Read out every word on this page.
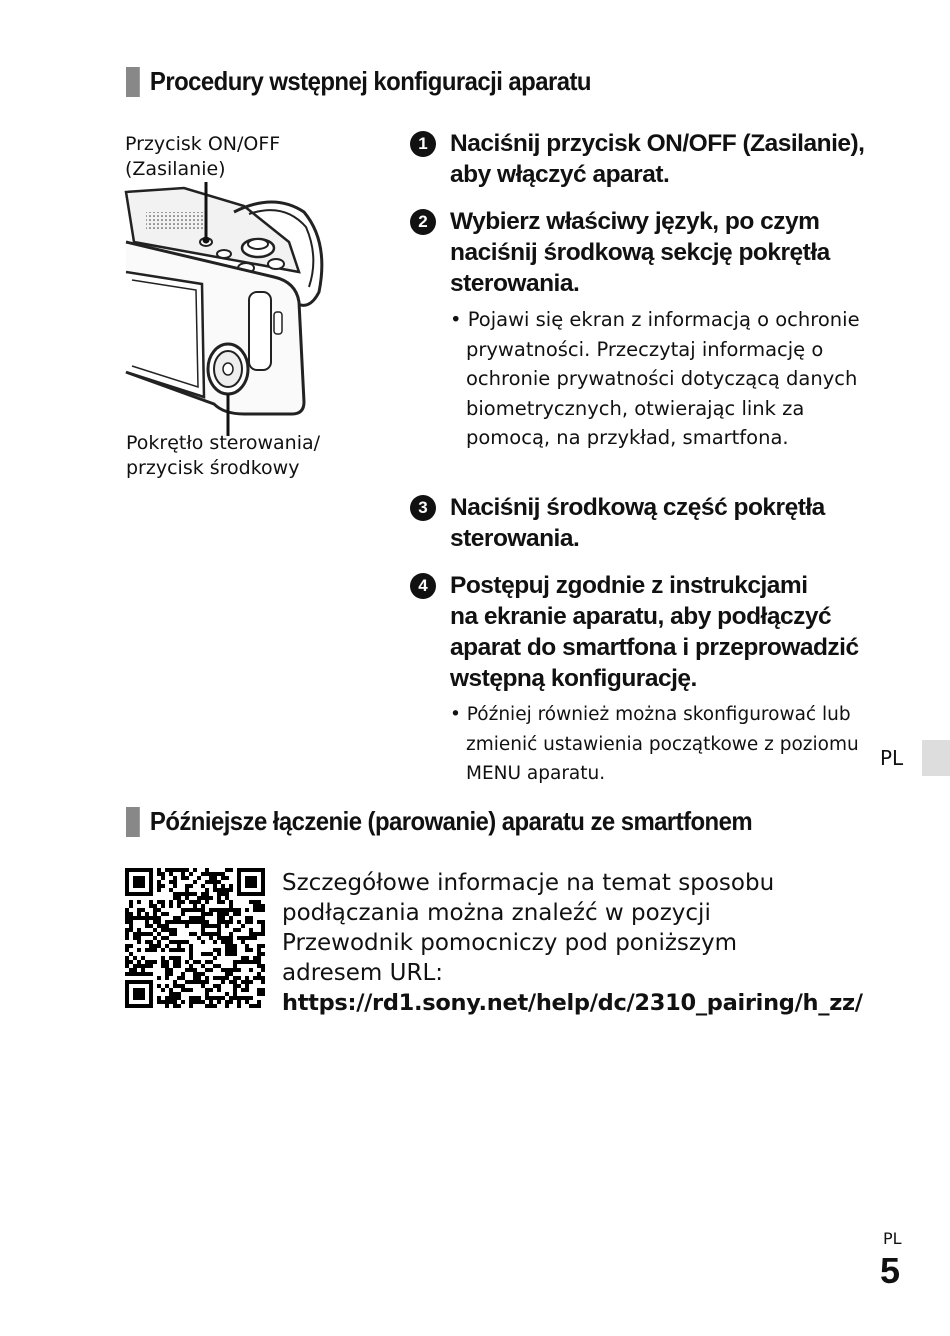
Procedury wstępnej konfiguracji aparatu
Przycisk ON/OFF
(Zasilanie)
Pokrętło sterowania/
przycisk środkowy
1 Naciśnij przycisk ON/OFF (Zasilanie),
aby włączyć aparat.
2 Wybierz właściwy język, po czym
naciśnij środkową sekcję pokrętła
sterowania.
• Pojawi się ekran z informacją o ochronie prywatności. Przeczytaj informację o ochronie prywatności dotyczącą danych biometrycznych, otwierając link za pomocą, na przykład, smartfona.
3 Naciśnij środkową część pokrętła
sterowania.
4 Postępuj zgodnie z instrukcjami
na ekranie aparatu, aby podłączyć
aparat do smartfona i przeprowadzić
wstępną konfigurację.
• Później również można skonfigurować lub zmienić ustawienia początkowe z poziomu MENU aparatu.
PL
Późniejsze łączenie (parowanie) aparatu ze smartfonem
Szczegółowe informacje na temat sposobu podłączania można znaleźć w pozycji Przewodnik pomocniczy pod poniższym adresem URL:
https://rd1.sony.net/help/dc/2310_pairing/h_zz/
PL
5
